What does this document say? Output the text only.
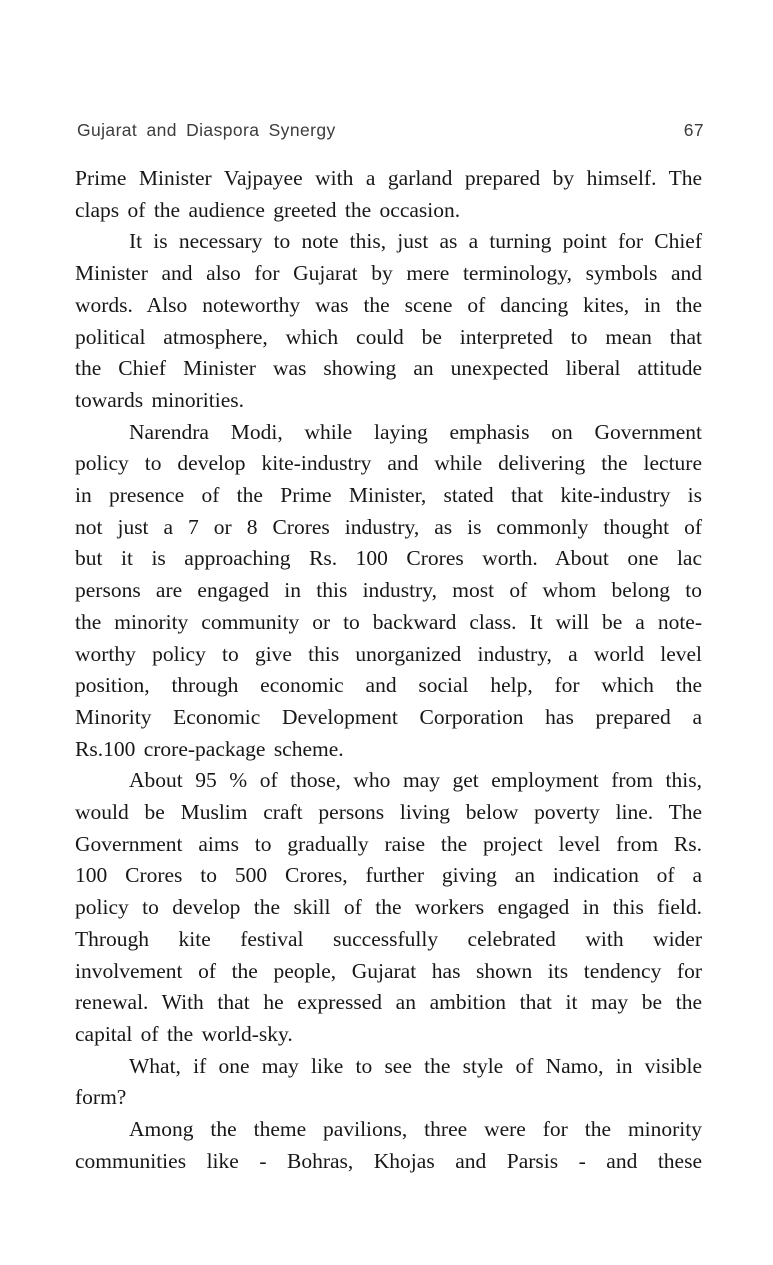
Gujarat and Diaspora Synergy	67

Prime Minister Vajpayee with a garland prepared by himself. The
claps of the audience greeted the occasion.

It is necessary to note this, just as a turning point for Chief
Minister and also for Gujarat by mere terminology, symbols and
words. Also noteworthy was the scene of dancing kites, in the
political atmosphere, which could be interpreted to mean that
the Chief Minister was showing an unexpected liberal attitude
towards minorities.

Narendra Modi, while laying emphasis on Government
policy to develop kite-industry and while delivering the lecture
in presence of the Prime Minister, stated that kite-industry is
not just a 7 or 8 Crores industry, as is commonly thought of
but it is approaching Rs. 100 Crores worth. About one lac
persons are engaged in this industry, most of whom belong to
the minority community or to backward class. It will be a note-
worthy policy to give this unorganized industry, a world level
position, through economic and social help, for which the
Minority Economic Development Corporation has prepared a
Rs.100 crore-package scheme.

About 95 % of those, who may get employment from this,
would be Muslim craft persons living below poverty line. The
Government aims to gradually raise the project level from Rs.
100 Crores to 500 Crores, further giving an indication of a
policy to develop the skill of the workers engaged in this field.
Through kite festival successfully celebrated with wider
involvement of the people, Gujarat has shown its tendency for
renewal. With that he expressed an ambition that it may be the
capital of the world-sky.

What, if one may like to see the style of Namo, in visible
form?

Among the theme pavilions, three were for the minority
communities like - Bohras, Khojas and Parsis - and these
